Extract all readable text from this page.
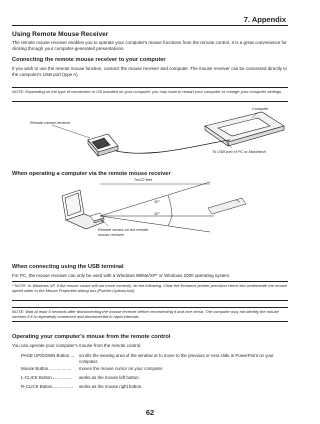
7. Appendix
Using Remote Mouse Receiver

The remote mouse receiver enables you to operate your computer's mouse functions from the remote control. It is a great convenience for clicking through your computer-generated presentations.

Connecting the remote mouse receiver to your computer

If you wish to use the remote mouse function, connect the mouse receiver and computer. The mouse receiver can be connected directly to the computer's USB port (type A).

NOTE: Depending on the type of connection or OS installed on your computer, you may have to restart your computer or change your computer settings.

Computer
Remote mouse receiver
To USB port of PC or Macintosh
When operating a computer via the remote mouse receiver
7m/22 feet
30°
30°
Remote sensor on the remote mouse receiver
When connecting using the USB terminal

For PC, the mouse receiver can only be used with a Windows 98/Me/XP* or Windows 2000 operating system.

* NOTE: In Windows XP, if the mouse cursor will not move correctly, do the following: Clear the Enhance pointer precision check box underneath the mouse speed slider in the Mouse Properties dialog box [Pointer Options tab].

NOTE: Wait at least 5 seconds after disconnecting the mouse receiver before reconnecting it and vice versa. The computer may not identify the mouse receiver if it is repeatedly connected and disconnected in rapid intervals.

Operating your computer's mouse from the remote control

You can operate your computer's mouse from the remote control.

PAGE UP/DOWN Button .... scrolls the viewing area of the window or to move to the previous or next slide in PowerPoint on your computer.
Mouse Button................... moves the mouse cursor on your computer.
L-CLICK Button................. works as the mouse left button.
R-CLICK Button................. works as the mouse right button.
62
